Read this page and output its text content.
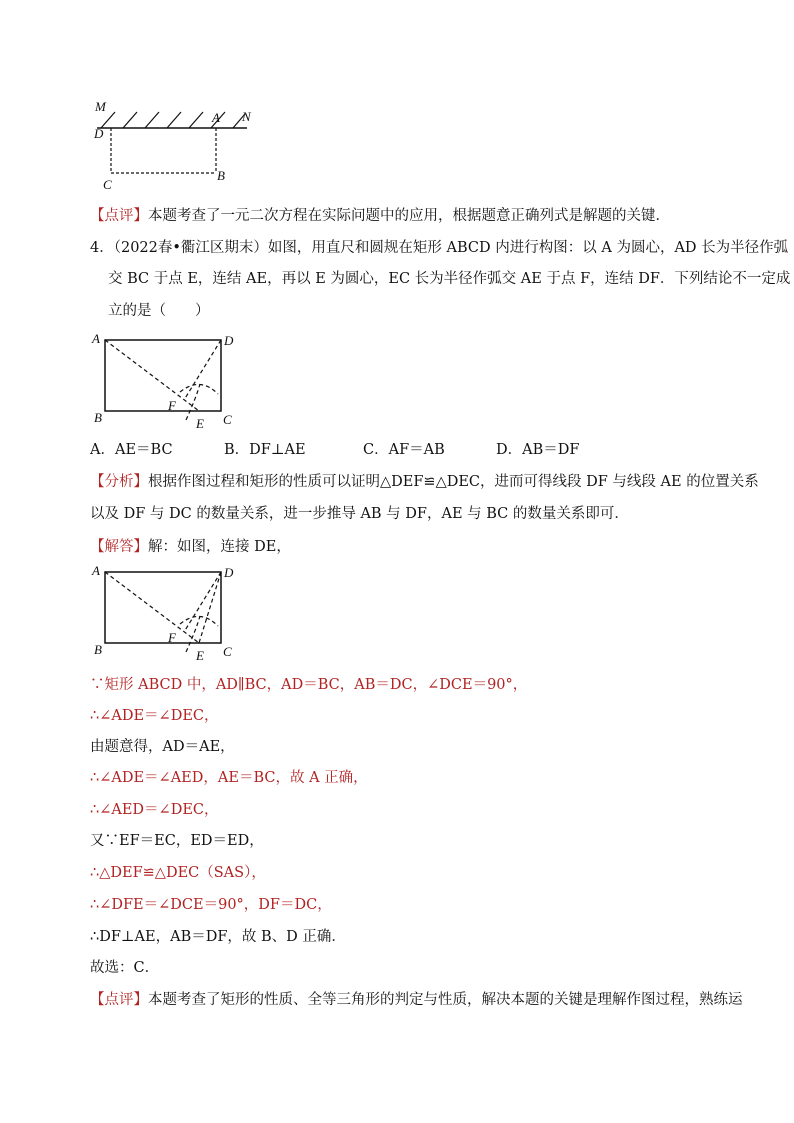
M
N
D
A
C
B
【点评】本题考查了一元二次方程在实际问题中的应用，根据题意正确列式是解题的关键．
4．（2022春•衢江区期末）如图，用直尺和圆规在矩形 ABCD 内进行构图：以 A 为圆心，AD 长为半径作弧
交 BC 于点 E，连结 AE，再以 E 为圆心，EC 长为半径作弧交 AE 于点 F，连结 DF．下列结论不一定成
立的是（　　）
A	D
B	C
E
F
A．AE＝BC	B．DF⊥AE	C．AF＝AB	D．AB＝DF
【分析】根据作图过程和矩形的性质可以证明△DEF≌△DEC，进而可得线段 DF 与线段 AE 的位置关系
以及 DF 与 DC 的数量关系，进一步推导 AB 与 DF，AE 与 BC 的数量关系即可．
【解答】解：如图，连接 DE，
A	D
B	C
E
F
∵矩形 ABCD 中，AD∥BC，AD＝BC，AB＝DC，∠DCE＝90°，
∴∠ADE＝∠DEC，
由题意得，AD＝AE，
∴∠ADE＝∠AED，AE＝BC，故 A 正确，
∴∠AED＝∠DEC，
又∵EF＝EC，ED＝ED，
∴△DEF≌△DEC（SAS），
∴∠DFE＝∠DCE＝90°，DF＝DC，
∴DF⊥AE，AB＝DF，故 B、D 正确．
故选：C．
【点评】本题考查了矩形的性质、全等三角形的判定与性质，解决本题的关键是理解作图过程，熟练运
